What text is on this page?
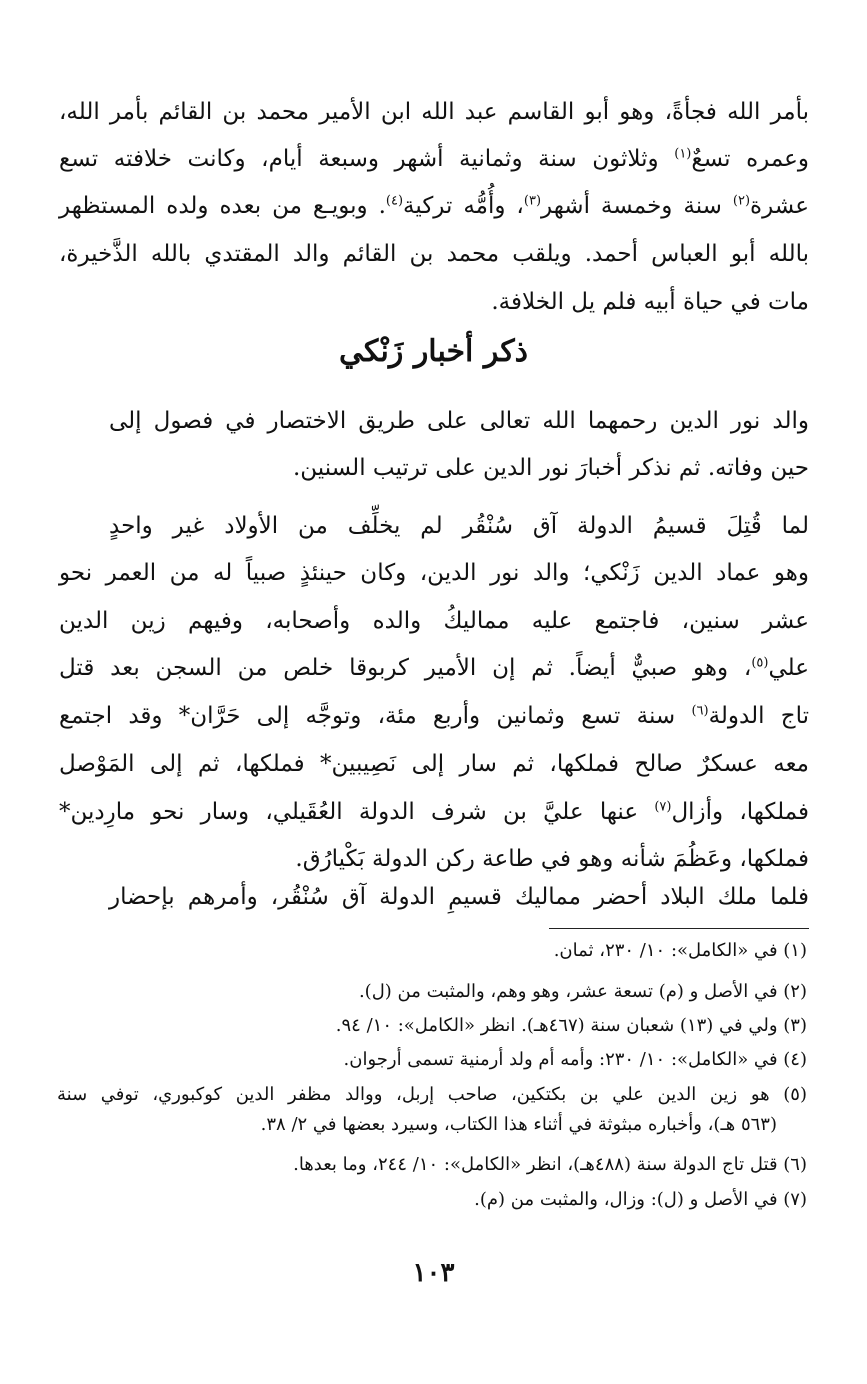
بأمر الله فجأةً، وهو أبو القاسم عبد الله ابن الأمير محمد بن القائم بأمر الله،
وعمره تسعٌ$^{(١)}$ وثلاثون سنة وثمانية أشهر وسبعة أيام، وكانت خلافته تسع
عشرة$^{(٢)}$ سنة وخمسة أشهر$^{(٣)}$، وأُمُّه تركية$^{(٤)}$. وبويـع من بعده ولده المستظهر
بالله أبو العباس أحمد. ويلقب محمد بن القائم والد المقتدي بالله الذَّخيرة،
مات في حياة أبيه فلم يل الخلافة.
ذكر أخبار زَنْكي
والد نور الدين رحمهما الله تعالى على طريق الاختصار في فصول إلى
حين وفاته. ثم نذكر أخبارَ نور الدين على ترتيب السنين.
لما قُتِلَ قسيمُ الدولة آق سُنْقُر لم يخلِّف من الأولاد غير واحدٍ
وهو عماد الدين زَنْكي؛ والد نور الدين، وكان حينئذٍ صبياً له من العمر نحو
عشر سنين، فاجتمع عليه مماليكُ والده وأصحابه، وفيهم زين الدين
علي$^{(٥)}$، وهو صبيٌّ أيضاً. ثم إن الأمير كربوقا خلص من السجن بعد قتل
تاج الدولة$^{(٦)}$ سنة تسع وثمانين وأربع مئة، وتوجَّه إلى حَرَّان* وقد اجتمع
معه عسكرٌ صالح فملكها، ثم سار إلى نَصِيبين* فملكها، ثم إلى المَوْصل
فملكها، وأزال$^{(٧)}$ عنها عليَّ بن شرف الدولة العُقَيلي، وسار نحو مارِدين*
فملكها، وعَظُمَ شأنه وهو في طاعة ركن الدولة بَكْيارُق.
فلما ملك البلاد أحضر مماليك قسيمِ الدولة آق سُنْقُر، وأمرهم بإحضار
(١) في «الكامل»: ١٠/ ٢٣٠، ثمان.
(٢) في الأصل و (م) تسعة عشر، وهو وهم، والمثبت من (ل).
(٣) ولي في (١٣) شعبان سنة (٤٦٧هـ). انظر «الكامل»: ١٠/ ٩٤.
(٤) في «الكامل»: ١٠/ ٢٣٠: وأمه أم ولد أرمنية تسمى أرجوان.
(٥) هو زين الدين علي بن بكتكين، صاحب إربل، ووالد مظفر الدين كوكبوري، توفي سنة
(٥٦٣ هـ)، وأخباره مبثوثة في أثناء هذا الكتاب، وسيرد بعضها في ٢/ ٣٨.
(٦) قتل تاج الدولة سنة (٤٨٨هـ)، انظر «الكامل»: ١٠/ ٢٤٤، وما بعدها.
(٧) في الأصل و (ل): وزال، والمثبت من (م).
١٠٣
